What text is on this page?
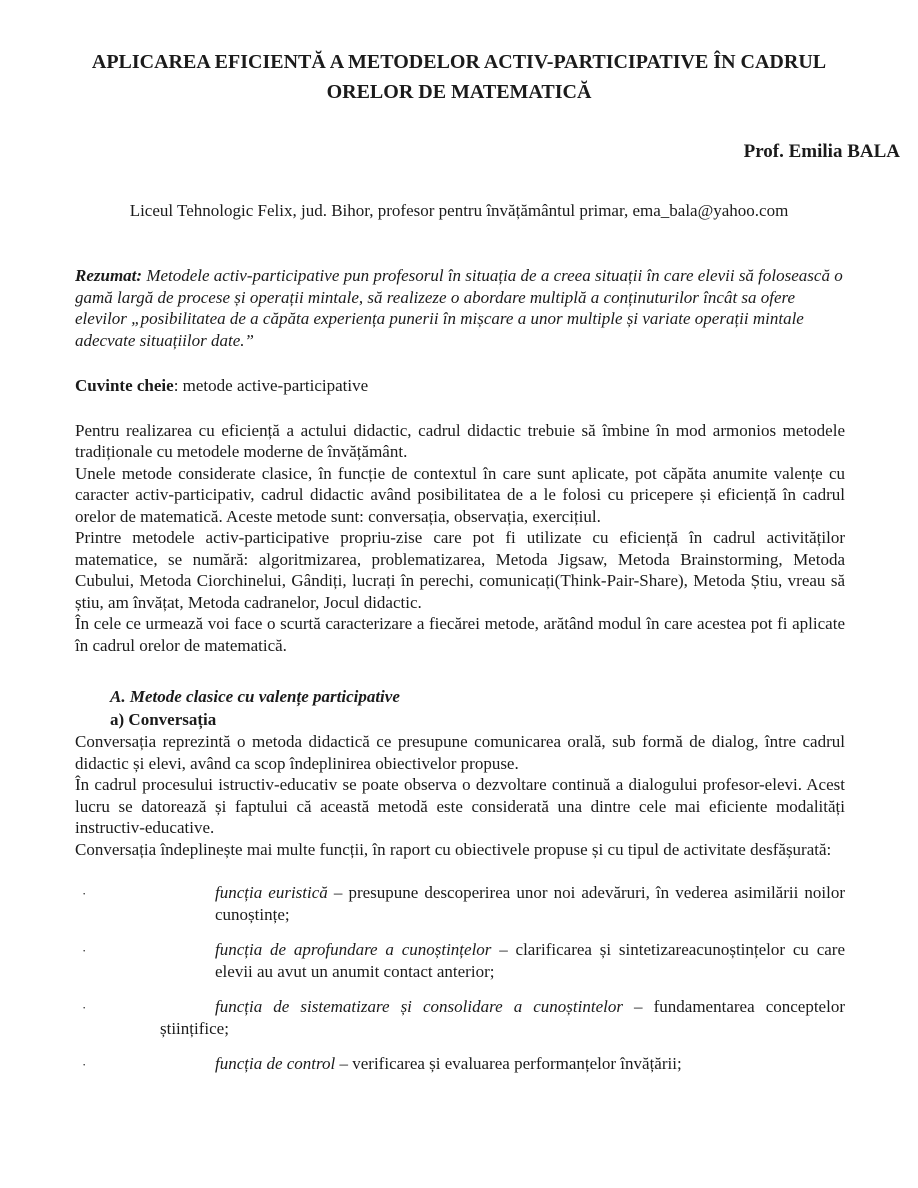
APLICAREA EFICIENTĂ A METODELOR ACTIV-PARTICIPATIVE ÎN CADRUL
ORELOR DE MATEMATICĂ
Prof. Emilia BALA
Liceul Tehnologic Felix, jud. Bihor, profesor pentru învățământul primar, ema_bala@yahoo.com

Rezumat: Metodele activ-participative pun profesorul în situația de a creea situații în care elevii să folosească o gamă largă de procese și operații mintale, să realizeze o abordare multiplă a conținuturilor încât sa ofere elevilor „posibilitatea de a căpăta experiența punerii în mișcare a unor multiple și variate operații mintale adecvate situațiilor date.”

Cuvinte cheie: metode active-participative

Pentru realizarea cu eficiență a actului didactic, cadrul didactic trebuie să îmbine în mod armonios metodele tradiționale cu metodele moderne de învățământ.

Unele metode considerate clasice, în funcție de contextul în care sunt aplicate, pot căpăta anumite valențe cu caracter activ-participativ, cadrul didactic având posibilitatea de a le folosi cu pricepere și eficiență în cadrul orelor de matematică. Aceste metode sunt: conversația, observația, exercițiul.

Printre metodele activ-participative propriu-zise care pot fi utilizate cu eficiență în cadrul activităților matematice, se numără: algoritmizarea, problematizarea, Metoda Jigsaw, Metoda Brainstorming, Metoda Cubului, Metoda Ciorchinelui, Gândiți, lucrați în perechi, comunicați(Think-Pair-Share), Metoda Știu, vreau să știu, am învățat, Metoda cadranelor, Jocul didactic.

În cele ce urmează voi face o scurtă caracterizare a fiecărei metode, arătând modul în care acestea pot fi aplicate în cadrul orelor de matematică.

A. Metode clasice cu valențe participative
a) Conversația

Conversația reprezintă o metoda didactică ce presupune comunicarea orală, sub formă de dialog, între cadrul didactic și elevi, având ca scop îndeplinirea obiectivelor propuse.

În cadrul procesului istructiv-educativ se poate observa o dezvoltare continuă a dialogului profesor-elevi. Acest lucru se datorează și faptului că această metodă este considerată una dintre cele mai eficiente modalități instructiv-educative.

Conversația îndeplinește mai multe funcții, în raport cu obiectivele propuse și cu tipul de activitate desfășurată:

·	funcția euristică – presupune descoperirea unor noi adevăruri, în vederea asimilării noilor cunoștințe;
·	funcția de aprofundare a cunoștințelor – clarificarea și sintetizareacunoștințelor cu care elevii au avut un anumit contact anterior;
·	funcția de sistematizare și consolidare a cunoștintelor – fundamentarea conceptelor științifice;
·	funcția de control – verificarea și evaluarea performanțelor învățării;
